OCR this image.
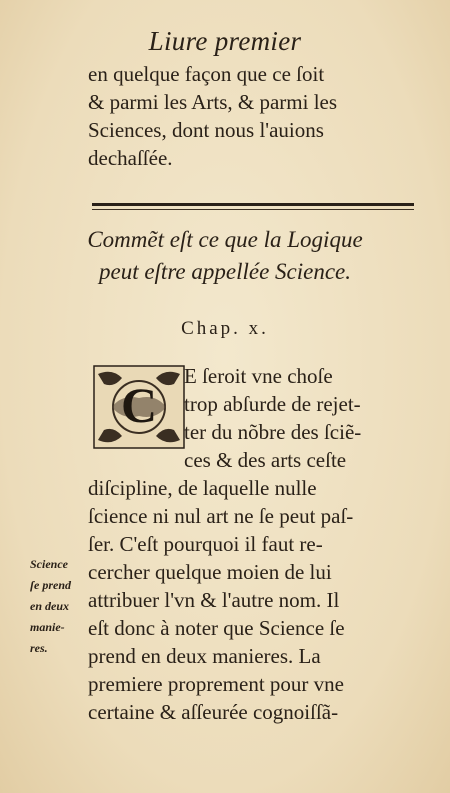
Liure premier
en quelque façon que ce ſoit
& parmi les Arts, & parmi les
Sciences, dont nous l'auions
dechaſſée.
Commẽt eſt ce que la Logique
peut eſtre appellée Science.
Chap. x.
C
E ſeroit vne choſe
trop abſurde de rejet-
ter du nõbre des ſciẽ-
ces & des arts ceſte
diſcipline, de laquelle nulle
ſcience ni nul art ne ſe peut paſ-
ſer. C'eſt pourquoi il faut re-
cercher quelque moien de lui
attribuer l'vn & l'autre nom. Il
eſt donc à noter que Science ſe
prend en deux manieres. La
premiere proprement pour vne
certaine & aſſeurée cognoiſſã-
Science
ſe prend
en deux
manie-
res.
